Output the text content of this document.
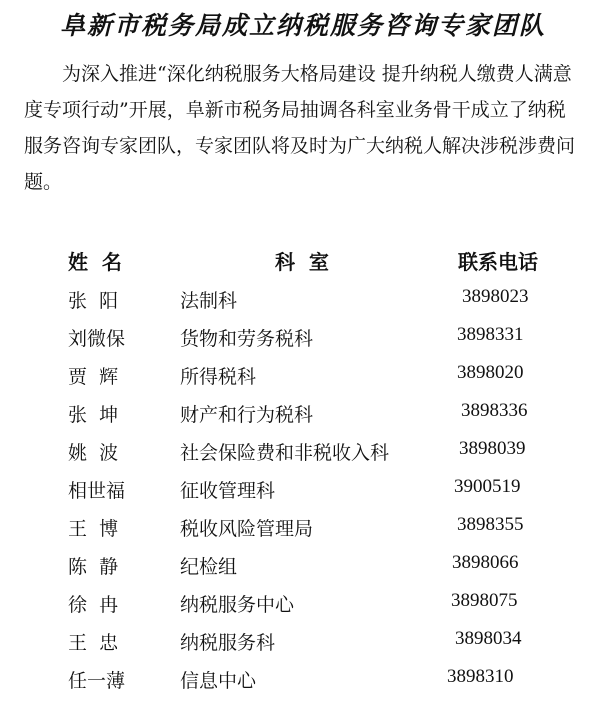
阜新市税务局成立纳税服务咨询专家团队

为深入推进“深化纳税服务大格局建设 提升纳税人缴费人满意度专项行动”开展，阜新市税务局抽调各科室业务骨干成立了纳税服务咨询专家团队，专家团队将及时为广大纳税人解决涉税涉费问题。

姓  名	科  室	联系电话
张  阳	法制科	3898023
刘微保	货物和劳务税科	3898331
贾  辉	所得税科	3898020
张  坤	财产和行为税科	3898336
姚  波	社会保险费和非税收入科	3898039
相世福	征收管理科	3900519
王  博	税收风险管理局	3898355
陈  静	纪检组	3898066
徐  冉	纳税服务中心	3898075
王  忠	纳税服务科	3898034
任一薄	信息中心	3898310
